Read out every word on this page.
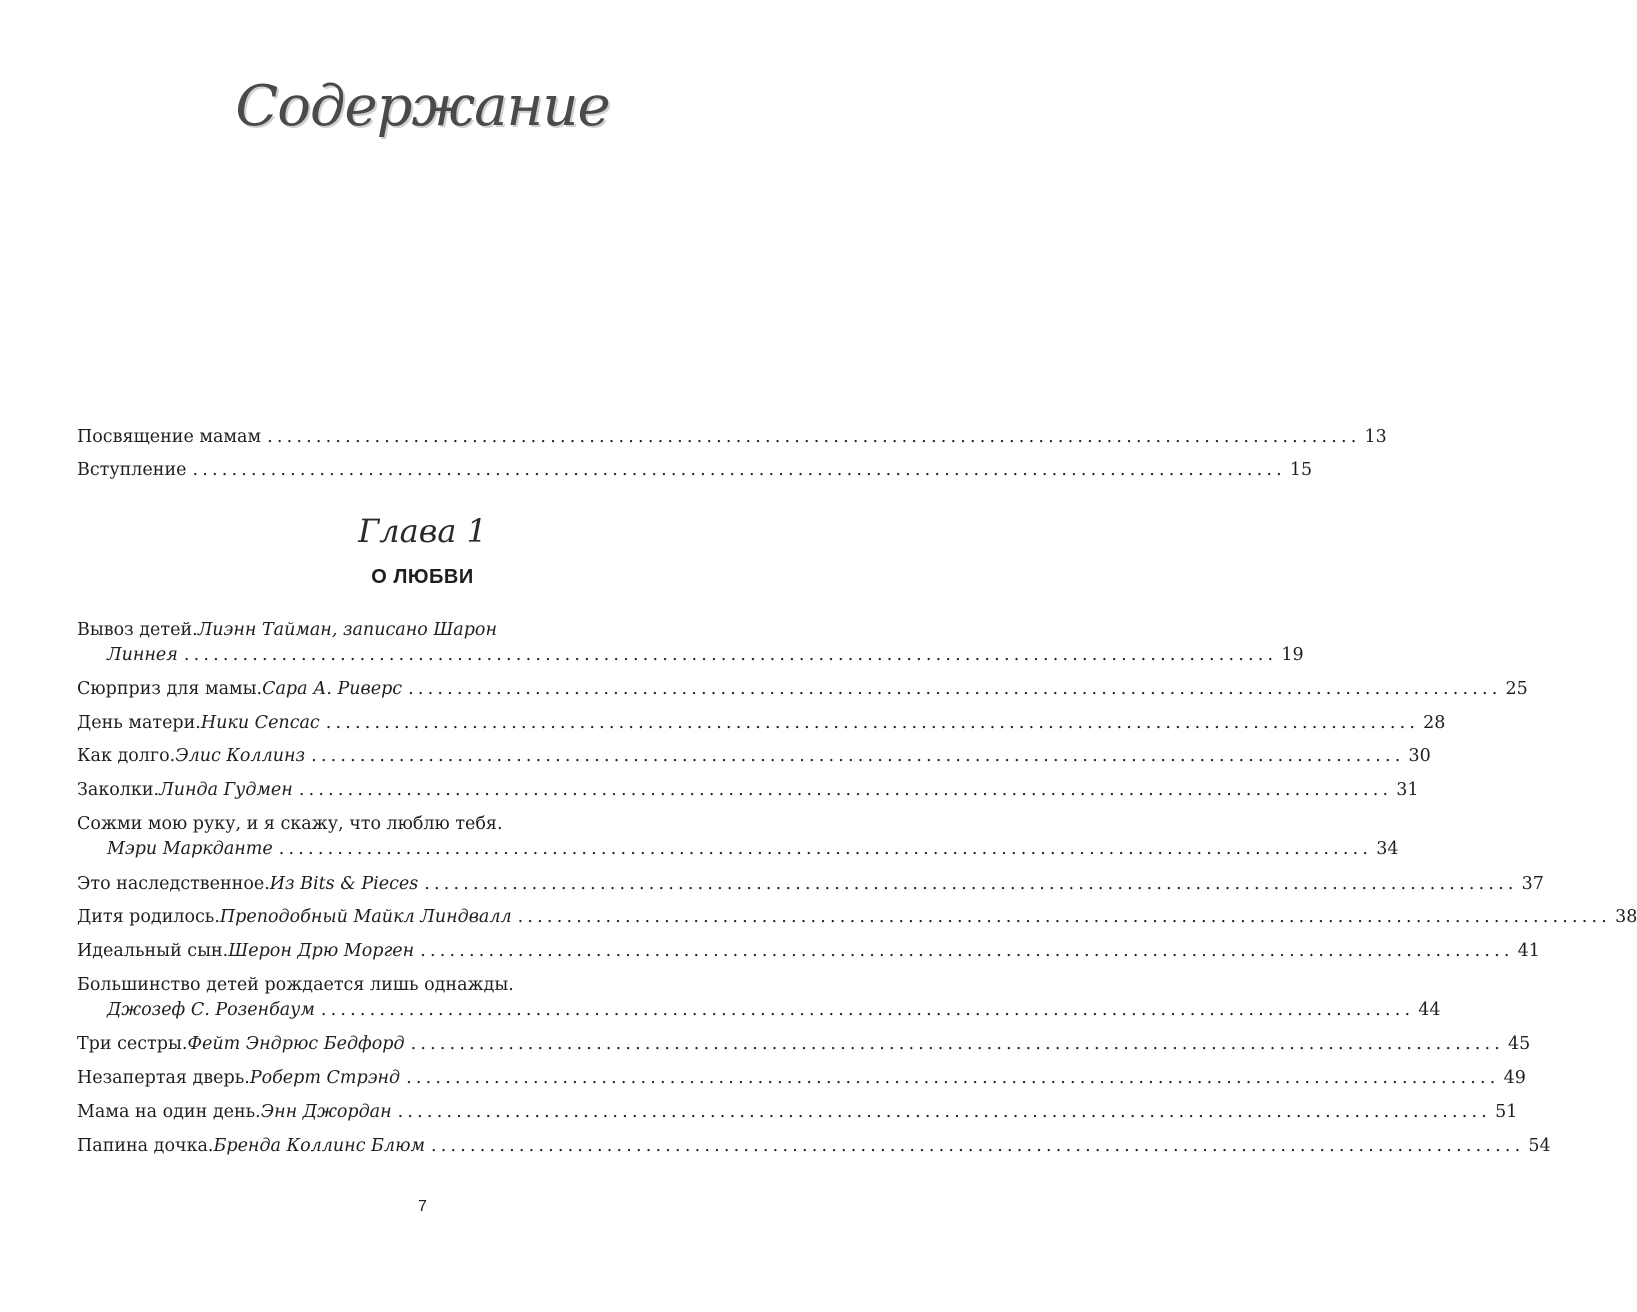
Содержание
Посвящение мамам ................................................................................................................ 13
Вступление ................................................................................................................ 15
Глава 1
О ЛЮБВИ
Вывоз детей. Лиэнн Тайман, записано Шарон
Линнея ................................................................................................................ 19
Сюрприз для мамы. Сара А. Риверс ................................................................................................................ 25
День матери. Ники Сепсас ................................................................................................................ 28
Как долго. Элис Коллинз ................................................................................................................ 30
Заколки. Линда Гудмен ................................................................................................................ 31
Сожми мою руку, и я скажу, что люблю тебя.
Мэри Маркданте ................................................................................................................ 34
Это наследственное. Из Bits & Pieces ................................................................................................................ 37
Дитя родилось. Преподобный Майкл Линдвалл ................................................................................................................ 38
Идеальный сын. Шерон Дрю Морген ................................................................................................................ 41
Большинство детей рождается лишь однажды.
Джозеф С. Розенбаум ................................................................................................................ 44
Три сестры. Фейт Эндрюс Бедфорд ................................................................................................................ 45
Незапертая дверь. Роберт Стрэнд ................................................................................................................ 49
Мама на один день. Энн Джордан ................................................................................................................ 51
Папина дочка. Бренда Коллинс Блюм ................................................................................................................ 54
7
